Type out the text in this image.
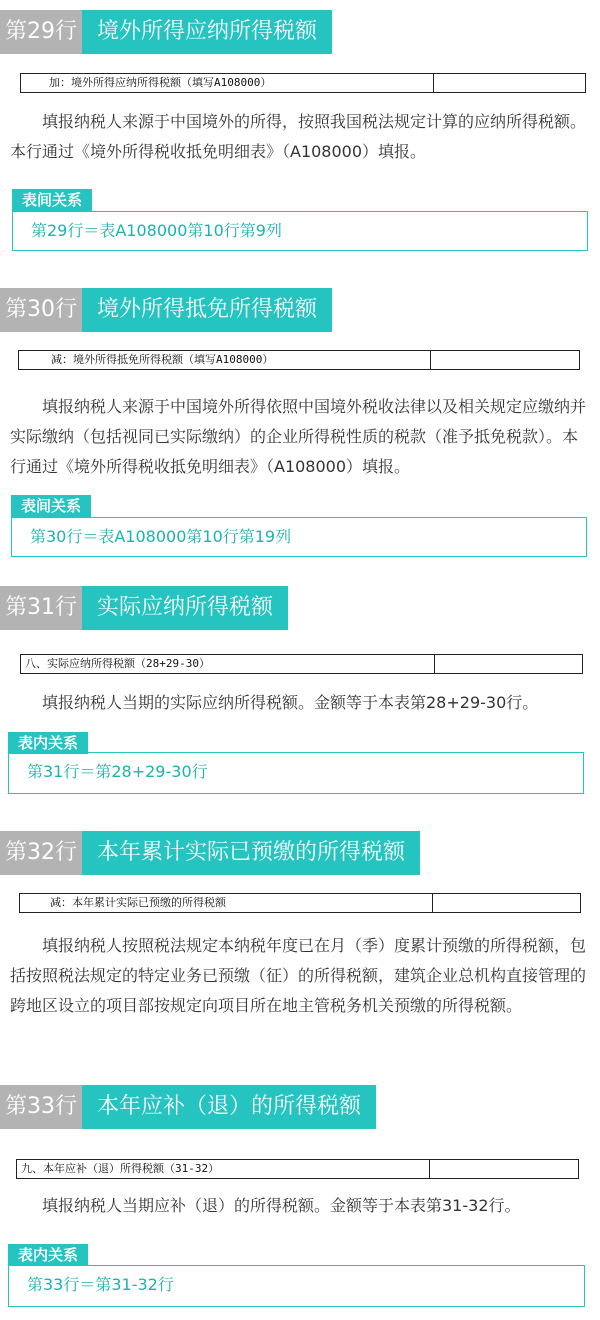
第29行 境外所得应纳所得税额
加：境外所得应纳所得税额（填写A108000）

填报纳税人来源于中国境外的所得，按照我国税法规定计算的应纳所得税额。本行通过《境外所得税收抵免明细表》（A108000）填报。

第29行＝表A108000第10行第9列
表间关系
第30行 境外所得抵免所得税额
减：境外所得抵免所得税额（填写A108000）

填报纳税人来源于中国境外所得依照中国境外税收法律以及相关规定应缴纳并实际缴纳（包括视同已实际缴纳）的企业所得税性质的税款（准予抵免税款）。本行通过《境外所得税收抵免明细表》（A108000）填报。

第30行＝表A108000第10行第19列
表间关系
第31行 实际应纳所得税额
八、实际应纳所得税额（28+29-30）

填报纳税人当期的实际应纳所得税额。金额等于本表第28+29-30行。

第31行＝第28+29-30行
表内关系
第32行 本年累计实际已预缴的所得税额
减：本年累计实际已预缴的所得税额

填报纳税人按照税法规定本纳税年度已在月（季）度累计预缴的所得税额，包括按照税法规定的特定业务已预缴（征）的所得税额，建筑企业总机构直接管理的跨地区设立的项目部按规定向项目所在地主管税务机关预缴的所得税额。

第33行 本年应补（退）的所得税额
九、本年应补（退）所得税额（31-32）

填报纳税人当期应补（退）的所得税额。金额等于本表第31-32行。

第33行＝第31-32行
表内关系
